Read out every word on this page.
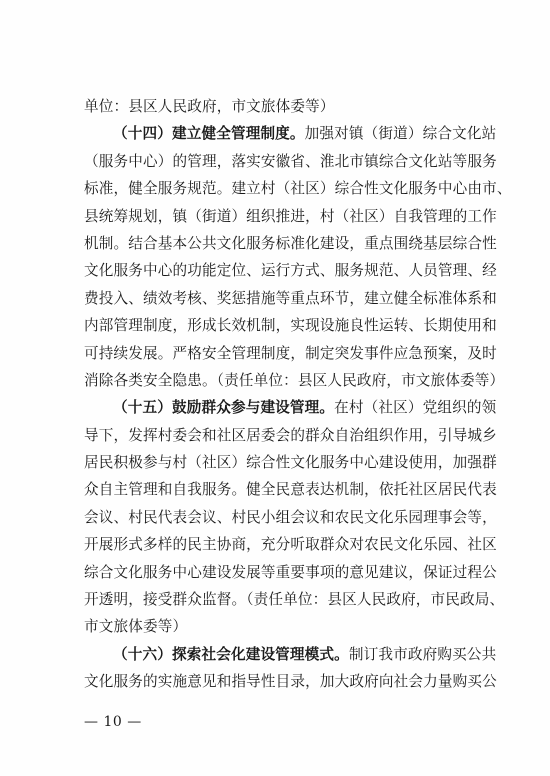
单位：县区人民政府，市文旅体委等）
（十四）建立健全管理制度。加强对镇（街道）综合文化站
（服务中心）的管理，落实安徽省、淮北市镇综合文化站等服务
标准，健全服务规范。建立村（社区）综合性文化服务中心由市、
县统筹规划，镇（街道）组织推进，村（社区）自我管理的工作
机制。结合基本公共文化服务标准化建设，重点围绕基层综合性
文化服务中心的功能定位、运行方式、服务规范、人员管理、经
费投入、绩效考核、奖惩措施等重点环节，建立健全标准体系和
内部管理制度，形成长效机制，实现设施良性运转、长期使用和
可持续发展。严格安全管理制度，制定突发事件应急预案，及时
消除各类安全隐患。（责任单位：县区人民政府，市文旅体委等）
（十五）鼓励群众参与建设管理。在村（社区）党组织的领
导下，发挥村委会和社区居委会的群众自治组织作用，引导城乡
居民积极参与村（社区）综合性文化服务中心建设使用，加强群
众自主管理和自我服务。健全民意表达机制，依托社区居民代表
会议、村民代表会议、村民小组会议和农民文化乐园理事会等，
开展形式多样的民主协商，充分听取群众对农民文化乐园、社区
综合文化服务中心建设发展等重要事项的意见建议，保证过程公
开透明，接受群众监督。（责任单位：县区人民政府，市民政局、
市文旅体委等）
（十六）探索社会化建设管理模式。制订我市政府购买公共
文化服务的实施意见和指导性目录，加大政府向社会力量购买公
— 10 —
